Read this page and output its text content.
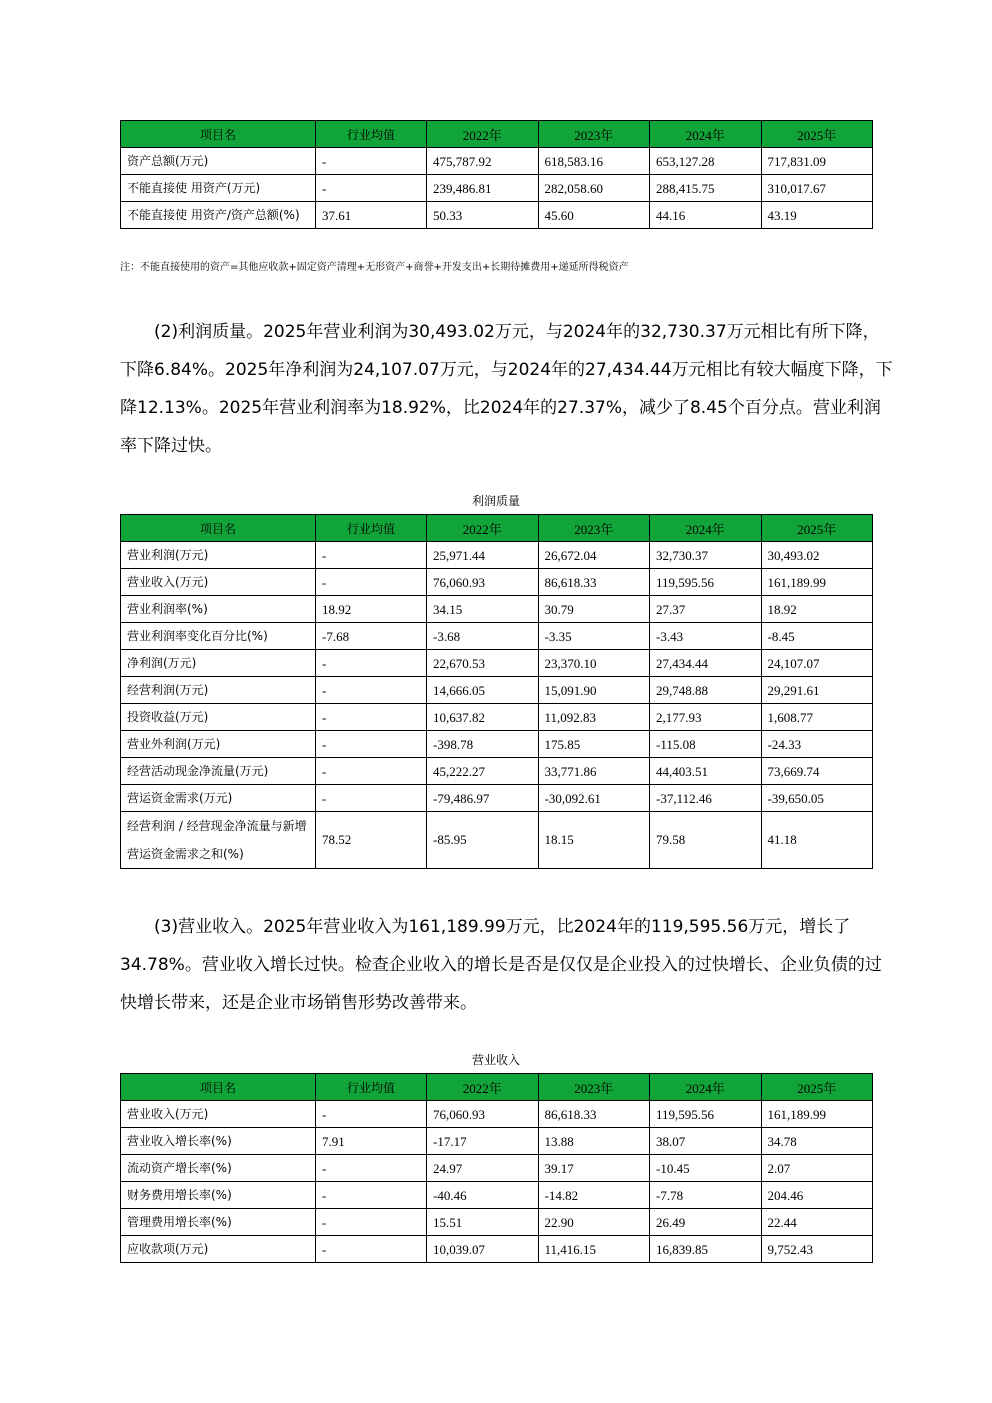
项目名	行业均值	2022年	2023年	2024年	2025年
资产总额(万元)	-	475,787.92	618,583.16	653,127.28	717,831.09
不能直接使 用资产(万元)	-	239,486.81	282,058.60	288,415.75	310,017.67
不能直接使 用资产/资产总额(%)	37.61	50.33	45.60	44.16	43.19
注：不能直接使用的资产=其他应收款+固定资产清理+无形资产+商誉+开发支出+长期待摊费用+递延所得税资产

(2)利润质量。2025年营业利润为30,493.02万元，与2024年的32,730.37万元相比有所下降，下降6.84%。2025年净利润为24,107.07万元，与2024年的27,434.44万元相比有较大幅度下降，下降12.13%。2025年营业利润率为18.92%，比2024年的27.37%，减少了8.45个百分点。营业利润率下降过快。

利润质量
项目名	行业均值	2022年	2023年	2024年	2025年
营业利润(万元)	-	25,971.44	26,672.04	32,730.37	30,493.02
营业收入(万元)	-	76,060.93	86,618.33	119,595.56	161,189.99
营业利润率(%)	18.92	34.15	30.79	27.37	18.92
营业利润率变化百分比(%)	-7.68	-3.68	-3.35	-3.43	-8.45
净利润(万元)	-	22,670.53	23,370.10	27,434.44	24,107.07
经营利润(万元)	-	14,666.05	15,091.90	29,748.88	29,291.61
投资收益(万元)	-	10,637.82	11,092.83	2,177.93	1,608.77
营业外利润(万元)	-	-398.78	175.85	-115.08	-24.33
经营活动现金净流量(万元)	-	45,222.27	33,771.86	44,403.51	73,669.74
营运资金需求(万元)	-	-79,486.97	-30,092.61	-37,112.46	-39,650.05
经营利润 / 经营现金净流量与新增营运资金需求之和(%)	78.52	-85.95	18.15	79.58	41.18

(3)营业收入。2025年营业收入为161,189.99万元，比2024年的119,595.56万元，增长了34.78%。营业收入增长过快。检查企业收入的增长是否是仅仅是企业投入的过快增长、企业负债的过快增长带来，还是企业市场销售形势改善带来。

营业收入
项目名	行业均值	2022年	2023年	2024年	2025年
营业收入(万元)	-	76,060.93	86,618.33	119,595.56	161,189.99
营业收入增长率(%)	7.91	-17.17	13.88	38.07	34.78
流动资产增长率(%)	-	24.97	39.17	-10.45	2.07
财务费用增长率(%)	-	-40.46	-14.82	-7.78	204.46
管理费用增长率(%)	-	15.51	22.90	26.49	22.44
应收款项(万元)	-	10,039.07	11,416.15	16,839.85	9,752.43
